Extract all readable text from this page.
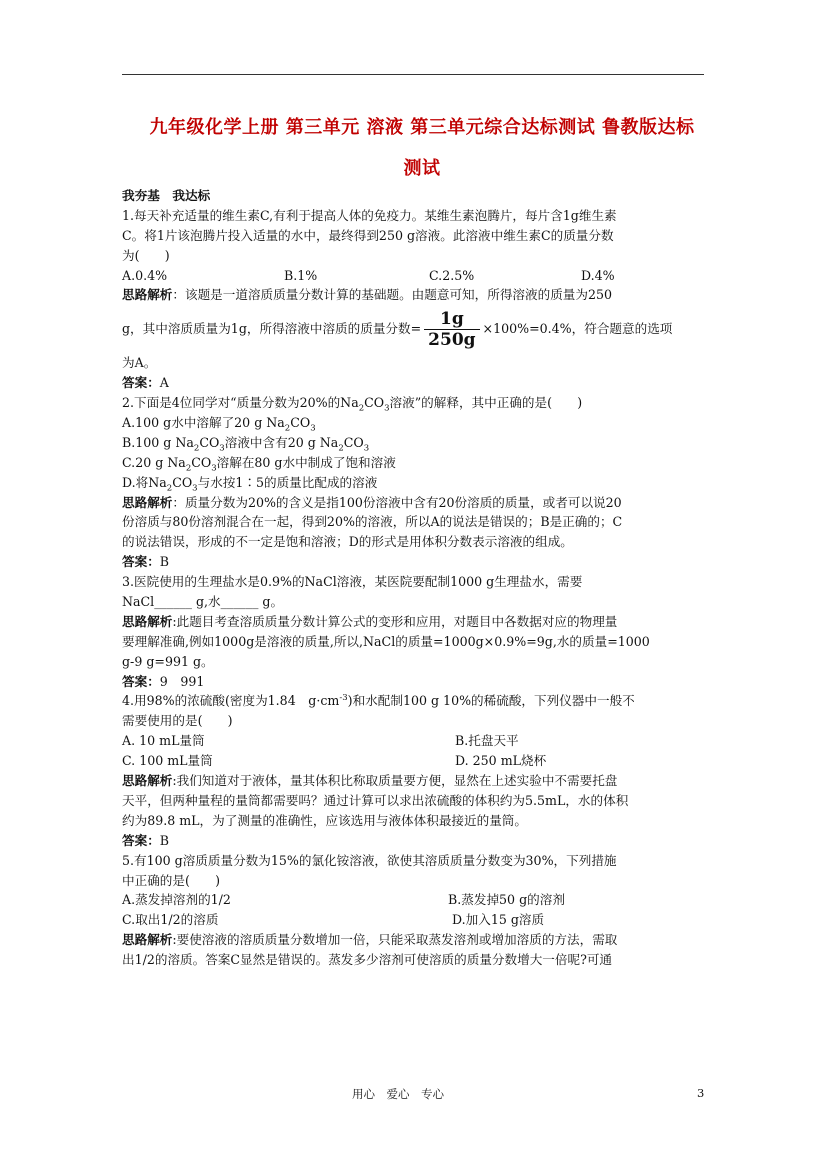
九年级化学上册 第三单元 溶液 第三单元综合达标测试 鲁教版达标
测试
我夯基　我达标
1.每天补充适量的维生素C,有利于提高人体的免疫力。某维生素泡腾片，每片含1g维生素
C。将1片该泡腾片投入适量的水中，最终得到250 g溶液。此溶液中维生素C的质量分数
为(　　)
A.0.4%	B.1%	C.2.5%	D.4%
思路解析：该题是一道溶质质量分数计算的基础题。由题意可知，所得溶液的质量为250
g，其中溶质质量为1g，所得溶液中溶质的质量分数= $\frac{1g}{250g} \times 100\%=0.4\%$，符合题意的选项
为A。
答案：A
2.下面是4位同学对“质量分数为20%的$Na_2CO_3$溶液”的解释，其中正确的是(　　)
A.100 g水中溶解了20 g $Na_2CO_3$
B.100 g $Na_2CO_3$溶液中含有20 g $Na_2CO_3$
C.20 g $Na_2CO_3$溶解在80 g水中制成了饱和溶液
D.将$Na_2CO_3$与水按1∶5的质量比配成的溶液
思路解析：质量分数为20%的含义是指100份溶液中含有20份溶质的质量，或者可以说20
份溶质与80份溶剂混合在一起，得到20%的溶液，所以A的说法是错误的；B是正确的；C
的说法错误，形成的不一定是饱和溶液；D的形式是用体积分数表示溶液的组成。
答案：B
3.医院使用的生理盐水是0.9%的NaCl溶液，某医院要配制1000 g生理盐水，需要
NaCl______ g,水______ g。
思路解析:此题目考查溶质质量分数计算公式的变形和应用，对题目中各数据对应的物理量
要理解准确,例如1000g是溶液的质量,所以,NaCl的质量=1000g×0.9%=9g,水的质量=1000
g-9 g=991 g。
答案：9　991
4.用98%的浓硫酸(密度为1.84　$g\cdot cm^{-3}$)和水配制100 g 10%的稀硫酸，下列仪器中一般不
需要使用的是(　　)
A. 10 mL量筒	B.托盘天平
C. 100 mL量筒	D. 250 mL烧杯
思路解析:我们知道对于液体，量其体积比称取质量要方便，显然在上述实验中不需要托盘
天平，但两种量程的量筒都需要吗？通过计算可以求出浓硫酸的体积约为5.5mL，水的体积
约为89.8 mL，为了测量的准确性，应该选用与液体体积最接近的量筒。
答案：B
5.有100 g溶质质量分数为15%的氯化铵溶液，欲使其溶质质量分数变为30%，下列措施
中正确的是(　　)
A.蒸发掉溶剂的1/2	B.蒸发掉50 g的溶剂
C.取出1/2的溶质	D.加入15 g溶质
思路解析:要使溶液的溶质质量分数增加一倍，只能采取蒸发溶剂或增加溶质的方法，需取
出1/2的溶质。答案C显然是错误的。蒸发多少溶剂可使溶质的质量分数增大一倍呢?可通
用心　爱心　专心	3
